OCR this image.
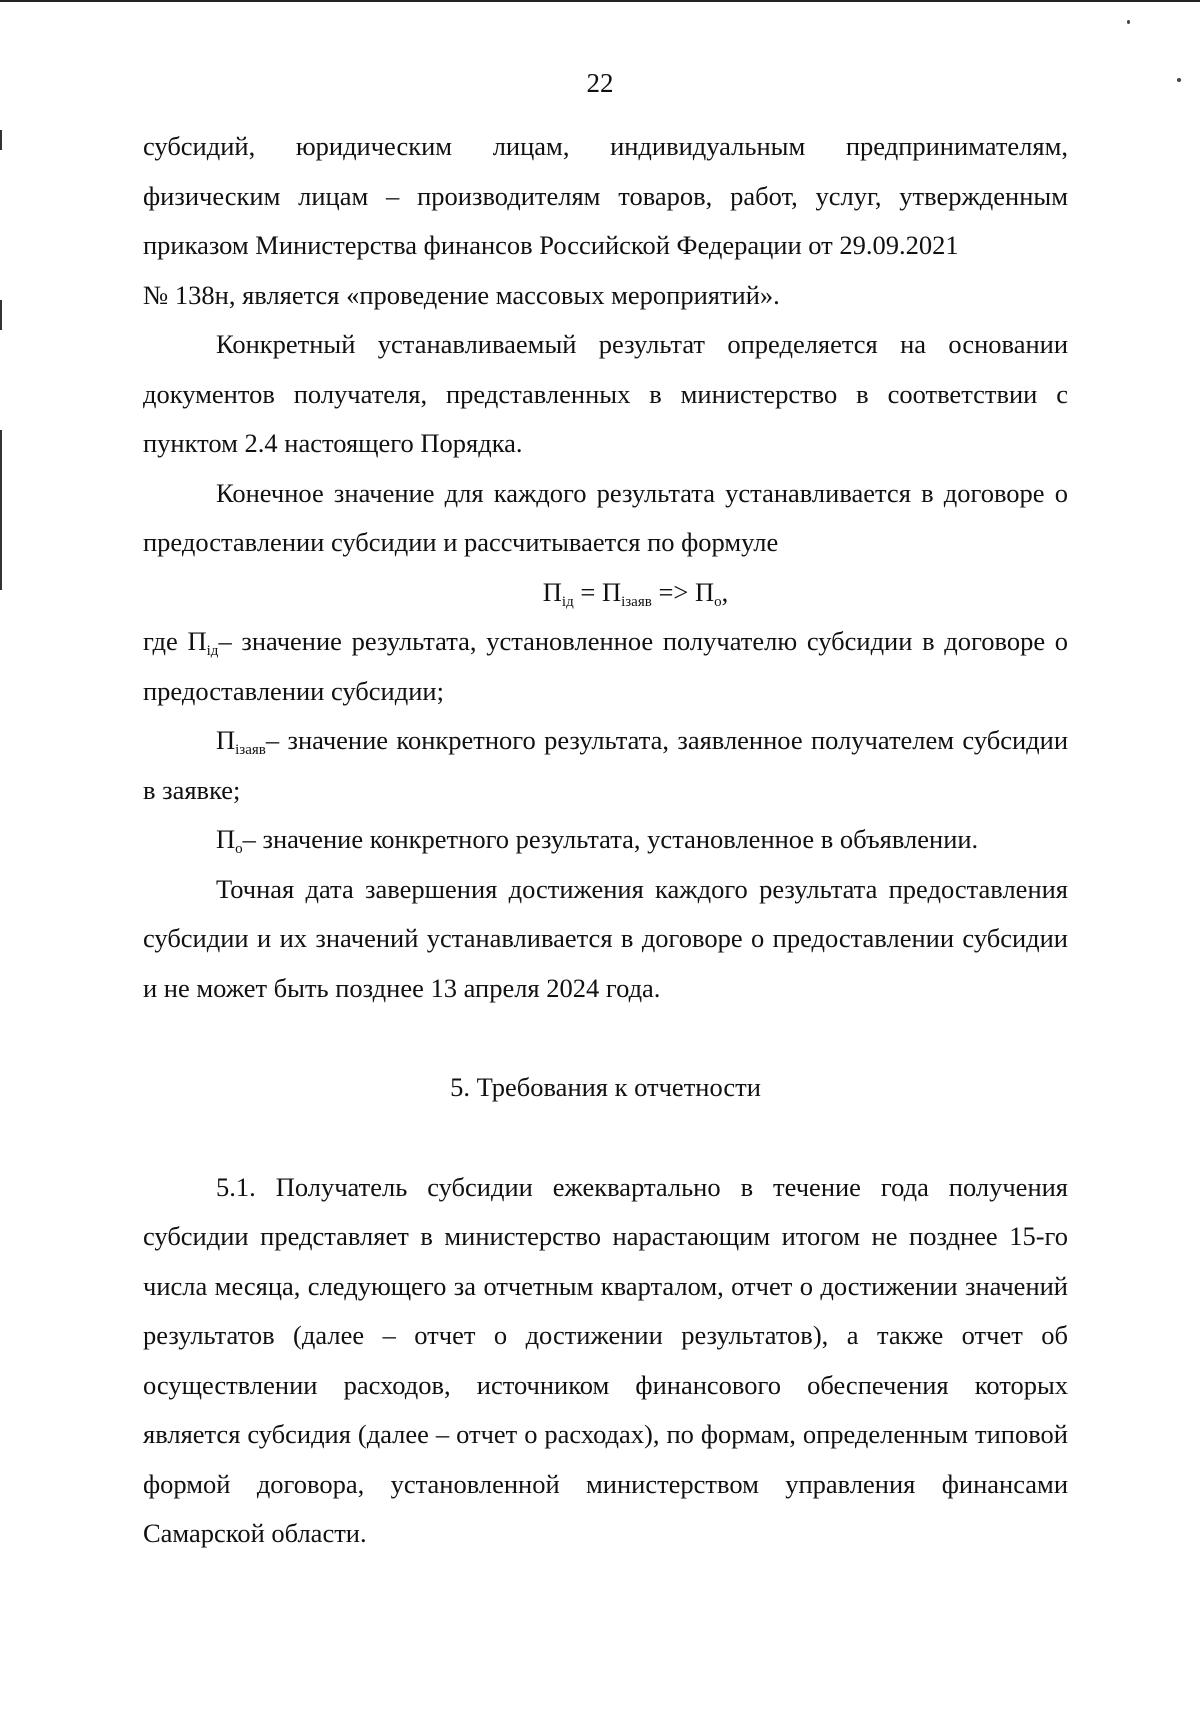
22

субсидий, юридическим лицам, индивидуальным предпринимателям, физическим лицам – производителям товаров, работ, услуг, утвержденным приказом Министерства финансов Российской Федерации от 29.09.2021
№ 138н, является «проведение массовых мероприятий».

Конкретный устанавливаемый результат определяется на основании документов получателя, представленных в министерство в соответствии с пунктом 2.4 настоящего Порядка.

Конечное значение для каждого результата устанавливается в договоре о предоставлении субсидии и рассчитывается по формуле

$П_{iд} = П_{iзаяв} => П_о$,

где $П_{iд}-$ значение результата, установленное получателю субсидии в договоре о предоставлении субсидии;

$П_{iзаяв}-$ значение конкретного результата, заявленное получателем субсидии в заявке;

$П_о-$ значение конкретного результата, установленное в объявлении.

Точная дата завершения достижения каждого результата предоставления субсидии и их значений устанавливается в договоре о предоставлении субсидии и не может быть позднее 13 апреля 2024 года.

5. Требования к отчетности

5.1. Получатель субсидии ежеквартально в течение года получения субсидии представляет в министерство нарастающим итогом не позднее 15-го числа месяца, следующего за отчетным кварталом, отчет о достижении значений результатов (далее – отчет о достижении результатов), а также отчет об осуществлении расходов, источником финансового обеспечения которых является субсидия (далее – отчет о расходах), по формам, определенным типовой формой договора, установленной министерством управления финансами Самарской области.
